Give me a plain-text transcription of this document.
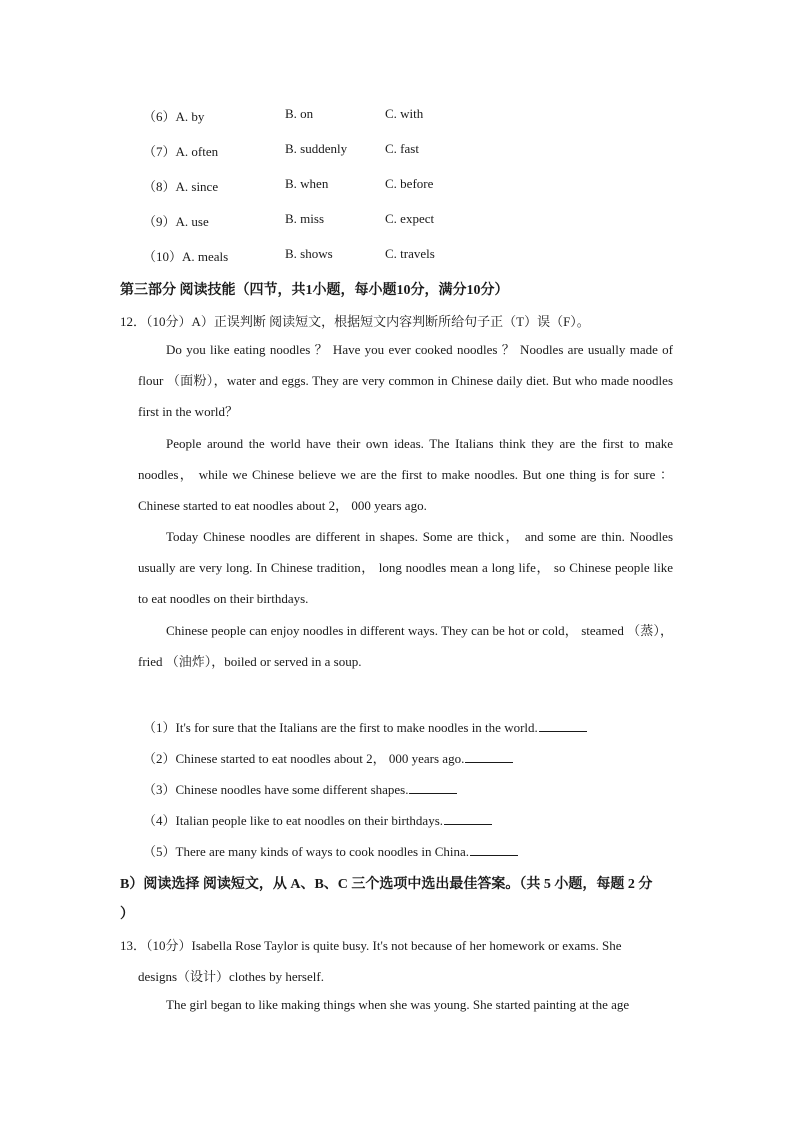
（6）A. by	B. on	C. with
（7）A. often	B. suddenly	C. fast
（8）A. since	B. when	C. before
（9）A. use	B. miss	C. expect
（10）A. meals	B. shows	C. travels
第三部分 阅读技能（四节，共1小题，每小题10分，满分10分）
12．（10分）A）正误判断 阅读短文，根据短文内容判断所给句子正（T）误（F）。
Do you like eating noodles ？ Have you ever cooked noodles ？ Noodles are usually made of flour （面粉），water and eggs. They are very common in Chinese daily diet. But who made noodles first in the world？
People around the world have their own ideas. The Italians think they are the first to make noodles， while we Chinese believe we are the first to make noodles. But one thing is for sure ： Chinese started to eat noodles about 2， 000 years ago.
Today Chinese noodles are different in shapes. Some are thick， and some are thin. Noodles usually are very long. In Chinese tradition， long noodles mean a long life， so Chinese people like to eat noodles on their birthdays.
Chinese people can enjoy noodles in different ways. They can be hot or cold， steamed （蒸），fried （油炸），boiled or served in a soup.
（1）It's for sure that the Italians are the first to make noodles in the world.
（2）Chinese started to eat noodles about 2， 000 years ago.
（3）Chinese noodles have some different shapes.
（4）Italian people like to eat noodles on their birthdays.
（5）There are many kinds of ways to cook noodles in China.
B）阅读选择 阅读短文，从 A、B、C 三个选项中选出最佳答案。（共 5 小题，每题 2 分
）
13．（10分）Isabella Rose Taylor is quite busy. It's not because of her homework or exams. She
designs（设计）clothes by herself.
The girl began to like making things when she was young. She started painting at the age
